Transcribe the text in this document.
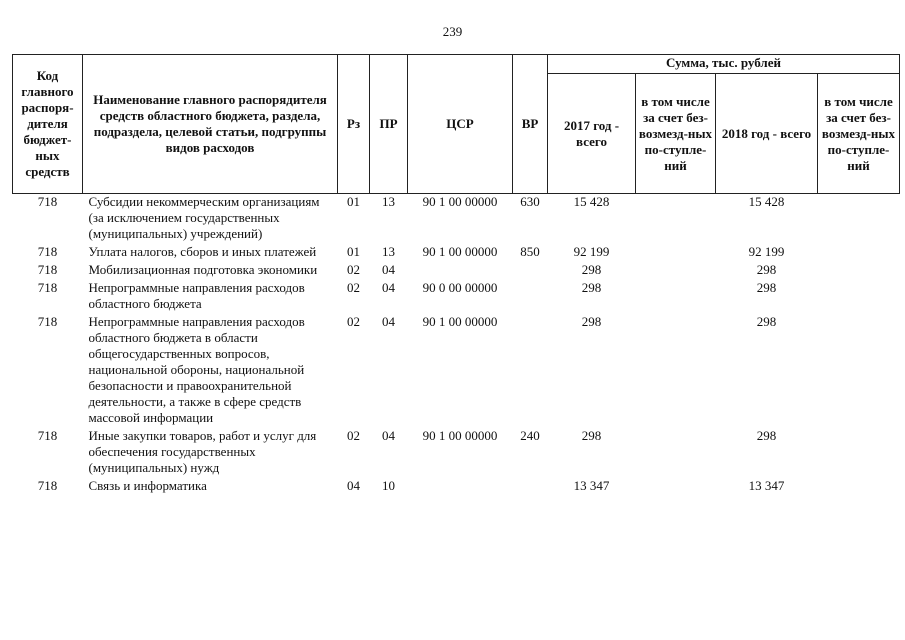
239
Код главного распоря-дителя бюджет-ных средств	Наименование главного распорядителя средств областного бюджета, раздела, подраздела, целевой статьи, подгруппы видов расходов	Рз	ПР	ЦСР	ВР	Сумма, тыс. рублей			
						2017 год - всего	в том числе за счет без-возмезд-ных по-ступле-ний	2018 год - всего	в том числе за счет без-возмезд-ных по-ступле-ний
718	Субсидии некоммерческим организациям (за исключением государственных (муниципальных) учреждений)	01	13	90 1 00 00000	630	15 428		15 428	
718	Уплата налогов, сборов и иных платежей	01	13	90 1 00 00000	850	92 199		92 199	
718	Мобилизационная подготовка экономики	02	04			298		298	
718	Непрограммные направления расходов областного бюджета	02	04	90 0 00 00000		298		298	
718	Непрограммные направления расходов областного бюджета в области общегосударственных вопросов, национальной обороны, национальной безопасности и правоохранительной деятельности, а также в сфере средств массовой информации	02	04	90 1 00 00000		298		298	
718	Иные закупки товаров, работ и услуг для обеспечения государственных (муниципальных) нужд	02	04	90 1 00 00000	240	298		298	
718	Связь и информатика	04	10			13 347		13 347	
